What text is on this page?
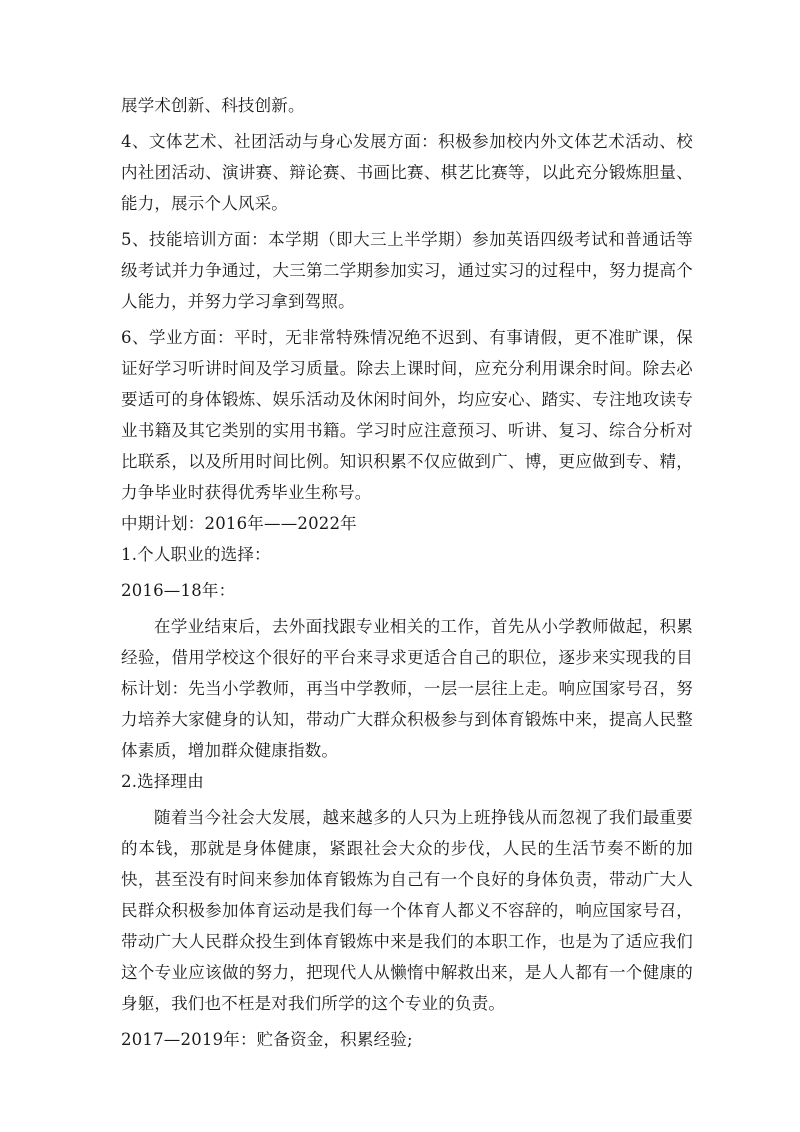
展学术创新、科技创新。

4、文体艺术、社团活动与身心发展方面：积极参加校内外文体艺术活动、校内社团活动、演讲赛、辩论赛、书画比赛、棋艺比赛等，以此充分锻炼胆量、能力，展示个人风采。

5、技能培训方面：本学期（即大三上半学期）参加英语四级考试和普通话等级考试并力争通过，大三第二学期参加实习，通过实习的过程中，努力提高个人能力，并努力学习拿到驾照。

6、学业方面：平时，无非常特殊情况绝不迟到、有事请假，更不准旷课，保证好学习听讲时间及学习质量。除去上课时间，应充分利用课余时间。除去必要适可的身体锻炼、娱乐活动及休闲时间外，均应安心、踏实、专注地攻读专业书籍及其它类别的实用书籍。学习时应注意预习、听讲、复习、综合分析对比联系，以及所用时间比例。知识积累不仅应做到广、博，更应做到专、精，力争毕业时获得优秀毕业生称号。

中期计划：2016年——2022年

1.个人职业的选择：

2016—18年：

在学业结束后，去外面找跟专业相关的工作，首先从小学教师做起，积累经验，借用学校这个很好的平台来寻求更适合自己的职位，逐步来实现我的目标计划：先当小学教师，再当中学教师，一层一层往上走。响应国家号召，努力培养大家健身的认知，带动广大群众积极参与到体育锻炼中来，提高人民整体素质，增加群众健康指数。

2.选择理由

随着当今社会大发展，越来越多的人只为上班挣钱从而忽视了我们最重要的本钱，那就是身体健康，紧跟社会大众的步伐，人民的生活节奏不断的加快，甚至没有时间来参加体育锻炼为自己有一个良好的身体负责，带动广大人民群众积极参加体育运动是我们每一个体育人都义不容辞的，响应国家号召，带动广大人民群众投生到体育锻炼中来是我们的本职工作，也是为了适应我们这个专业应该做的努力，把现代人从懒惰中解救出来，是人人都有一个健康的身躯，我们也不枉是对我们所学的这个专业的负责。

2017—2019年：贮备资金，积累经验;
